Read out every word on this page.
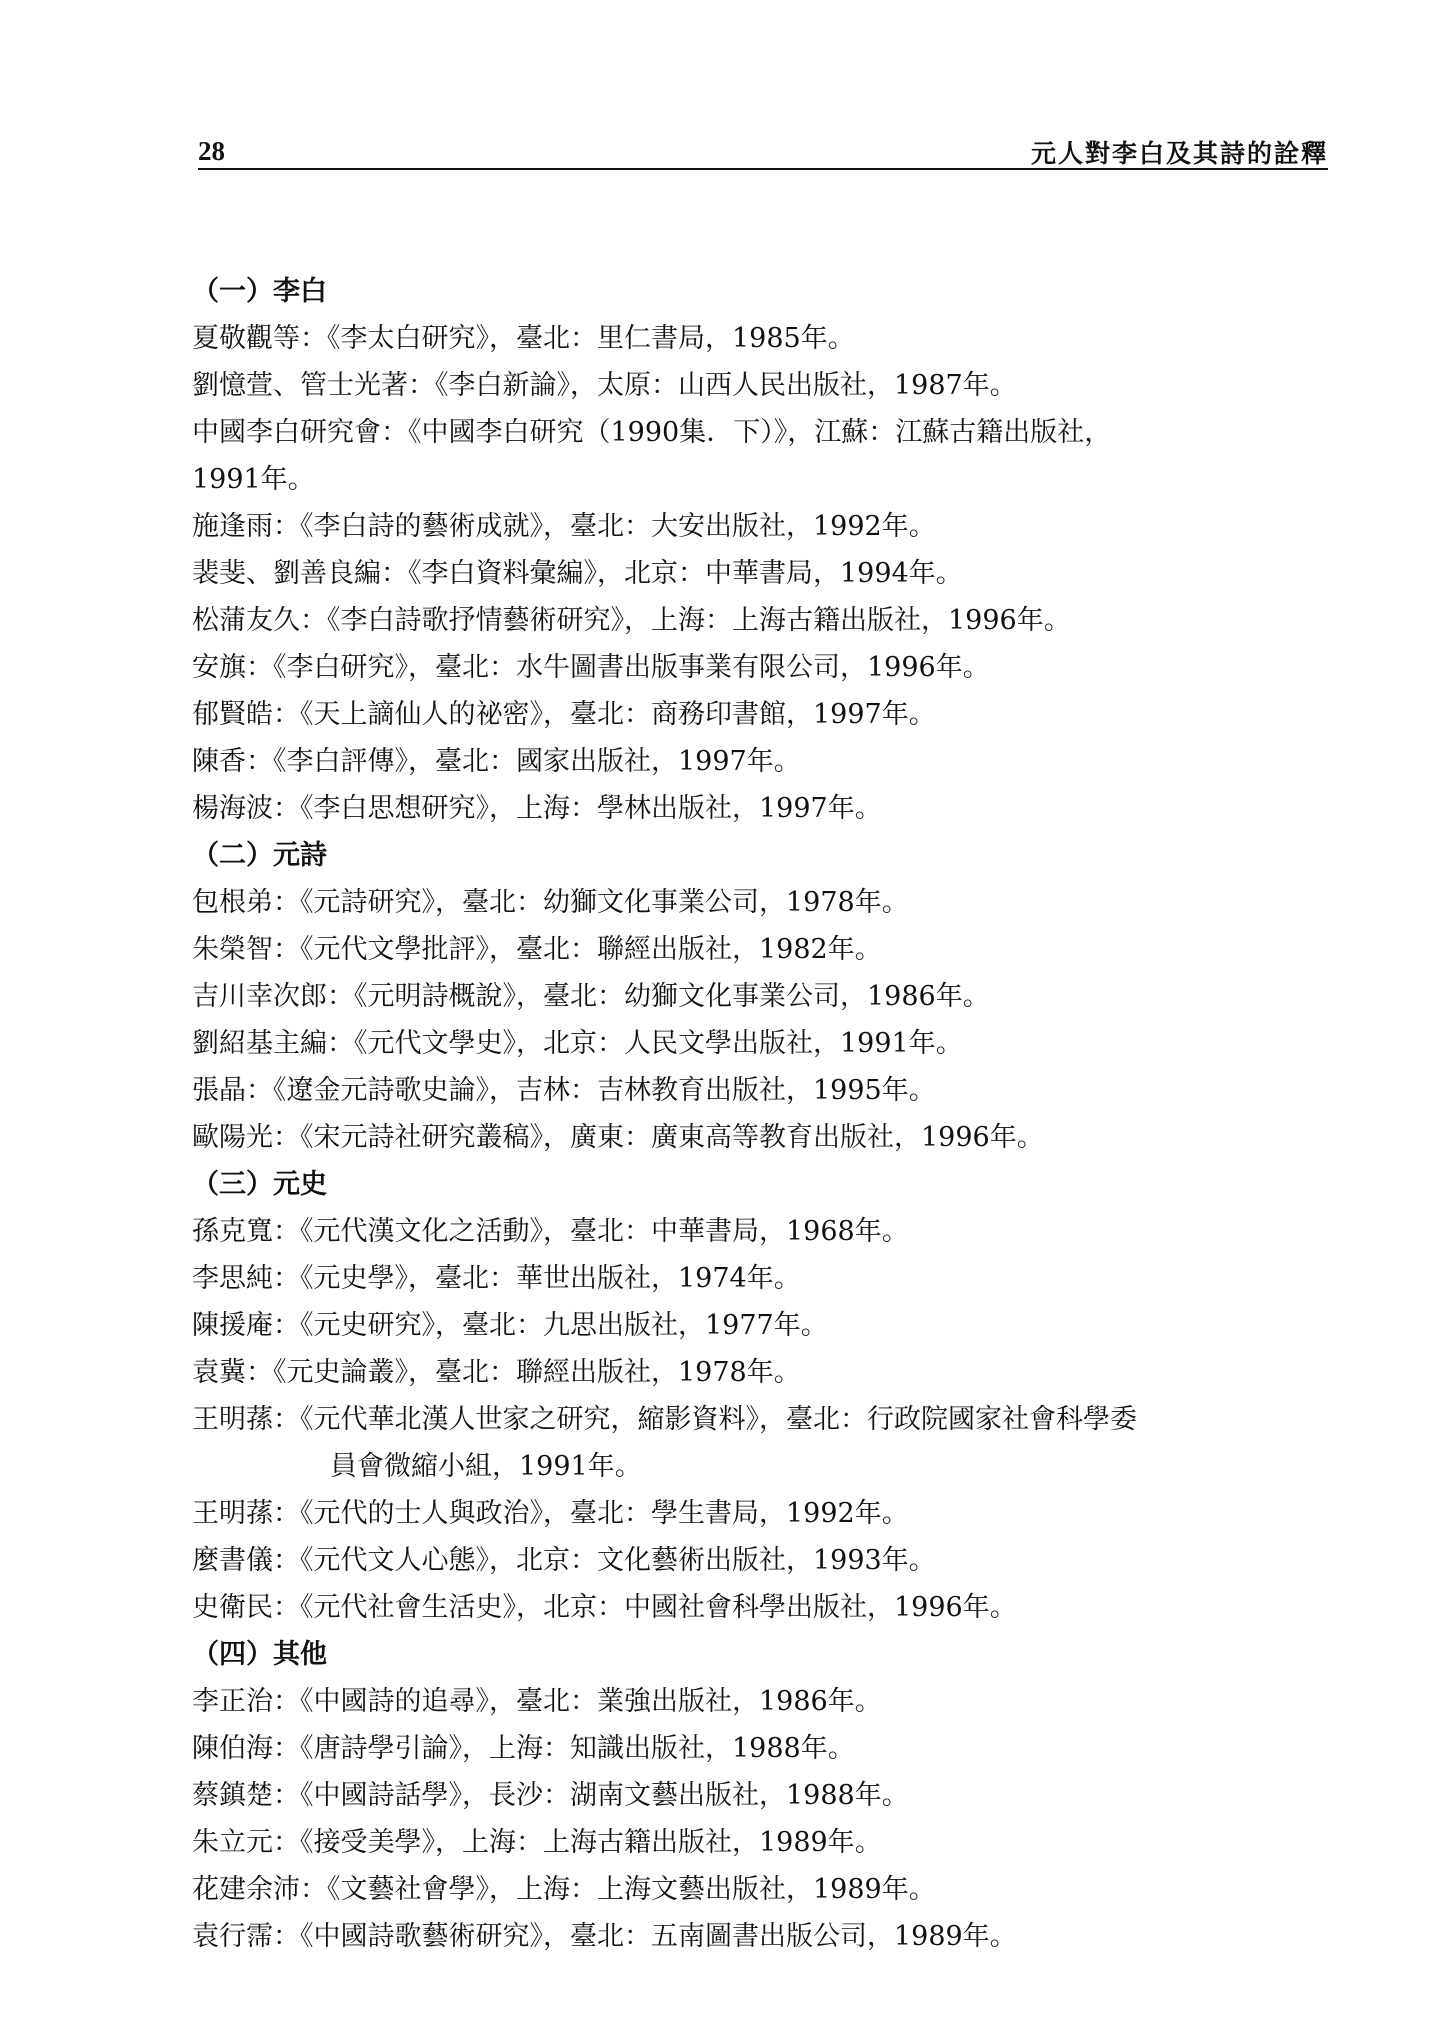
28	元人對李白及其詩的詮釋
（一）李白
夏敬觀等：《李太白研究》，臺北：里仁書局，1985年。
劉憶萱、管士光著：《李白新論》，太原：山西人民出版社，1987年。
中國李白研究會：《中國李白研究（1990集．下）》，江蘇：江蘇古籍出版社，
1991年。
施逢雨：《李白詩的藝術成就》，臺北：大安出版社，1992年。
裴斐、劉善良編：《李白資料彙編》，北京：中華書局，1994年。
松蒲友久：《李白詩歌抒情藝術研究》，上海：上海古籍出版社，1996年。
安旗：《李白研究》，臺北：水牛圖書出版事業有限公司，1996年。
郁賢皓：《天上謫仙人的祕密》，臺北：商務印書館，1997年。
陳香：《李白評傳》，臺北：國家出版社，1997年。
楊海波：《李白思想研究》，上海：學林出版社，1997年。
（二）元詩
包根弟：《元詩研究》，臺北：幼獅文化事業公司，1978年。
朱榮智：《元代文學批評》，臺北：聯經出版社，1982年。
吉川幸次郎：《元明詩概說》，臺北：幼獅文化事業公司，1986年。
劉紹基主編：《元代文學史》，北京：人民文學出版社，1991年。
張晶：《遼金元詩歌史論》，吉林：吉林教育出版社，1995年。
歐陽光：《宋元詩社研究叢稿》，廣東：廣東高等教育出版社，1996年。
（三）元史
孫克寬：《元代漢文化之活動》，臺北：中華書局，1968年。
李思純：《元史學》，臺北：華世出版社，1974年。
陳援庵：《元史研究》，臺北：九思出版社，1977年。
袁冀：《元史論叢》，臺北：聯經出版社，1978年。
王明蓀：《元代華北漢人世家之研究，縮影資料》，臺北：行政院國家社會科學委
員會微縮小組，1991年。
王明蓀：《元代的士人與政治》，臺北：學生書局，1992年。
麼書儀：《元代文人心態》，北京：文化藝術出版社，1993年。
史衛民：《元代社會生活史》，北京：中國社會科學出版社，1996年。
（四）其他
李正治：《中國詩的追尋》，臺北：業強出版社，1986年。
陳伯海：《唐詩學引論》，上海：知識出版社，1988年。
蔡鎮楚：《中國詩話學》，長沙：湖南文藝出版社，1988年。
朱立元：《接受美學》，上海：上海古籍出版社，1989年。
花建余沛：《文藝社會學》，上海：上海文藝出版社，1989年。
袁行霈：《中國詩歌藝術研究》，臺北：五南圖書出版公司，1989年。
